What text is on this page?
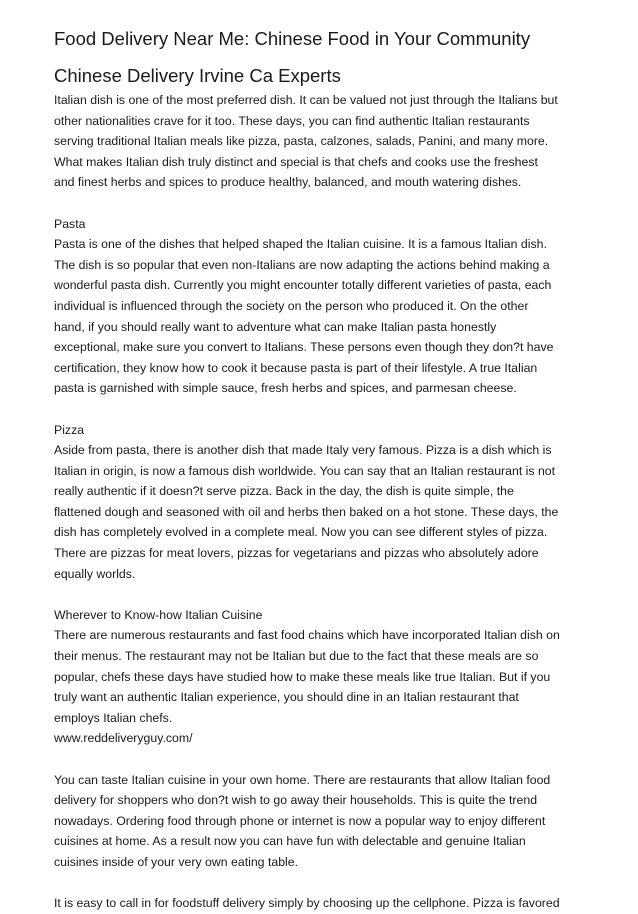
Food Delivery Near Me: Chinese Food in Your Community
Chinese Delivery Irvine Ca Experts

Italian dish is one of the most preferred dish. It can be valued not just through the Italians but
other nationalities crave for it too. These days, you can find authentic Italian restaurants
serving traditional Italian meals like pizza, pasta, calzones, salads, Panini, and many more.
What makes Italian dish truly distinct and special is that chefs and cooks use the freshest
and finest herbs and spices to produce healthy, balanced, and mouth watering dishes.

Pasta
Pasta is one of the dishes that helped shaped the Italian cuisine. It is a famous Italian dish.
The dish is so popular that even non-Italians are now adapting the actions behind making a
wonderful pasta dish. Currently you might encounter totally different varieties of pasta, each
individual is influenced through the society on the person who produced it. On the other
hand, if you should really want to adventure what can make Italian pasta honestly
exceptional, make sure you convert to Italians. These persons even though they don?t have
certification, they know how to cook it because pasta is part of their lifestyle. A true Italian
pasta is garnished with simple sauce, fresh herbs and spices, and parmesan cheese.

Pizza
Aside from pasta, there is another dish that made Italy very famous. Pizza is a dish which is
Italian in origin, is now a famous dish worldwide. You can say that an Italian restaurant is not
really authentic if it doesn?t serve pizza. Back in the day, the dish is quite simple, the
flattened dough and seasoned with oil and herbs then baked on a hot stone. These days, the
dish has completely evolved in a complete meal. Now you can see different styles of pizza.
There are pizzas for meat lovers, pizzas for vegetarians and pizzas who absolutely adore
equally worlds.

Wherever to Know-how Italian Cuisine
There are numerous restaurants and fast food chains which have incorporated Italian dish on
their menus. The restaurant may not be Italian but due to the fact that these meals are so
popular, chefs these days have studied how to make these meals like true Italian. But if you
truly want an authentic Italian experience, you should dine in an Italian restaurant that
employs Italian chefs.
www.reddeliveryguy.com/

You can taste Italian cuisine in your own home. There are restaurants that allow Italian food
delivery for shoppers who don?t wish to go away their households. This is quite the trend
nowadays. Ordering food through phone or internet is now a popular way to enjoy different
cuisines at home. As a result now you can have fun with delectable and genuine Italian
cuisines inside of your very own eating table.

It is easy to call in for foodstuff delivery simply by choosing up the cellphone. Pizza is favored
